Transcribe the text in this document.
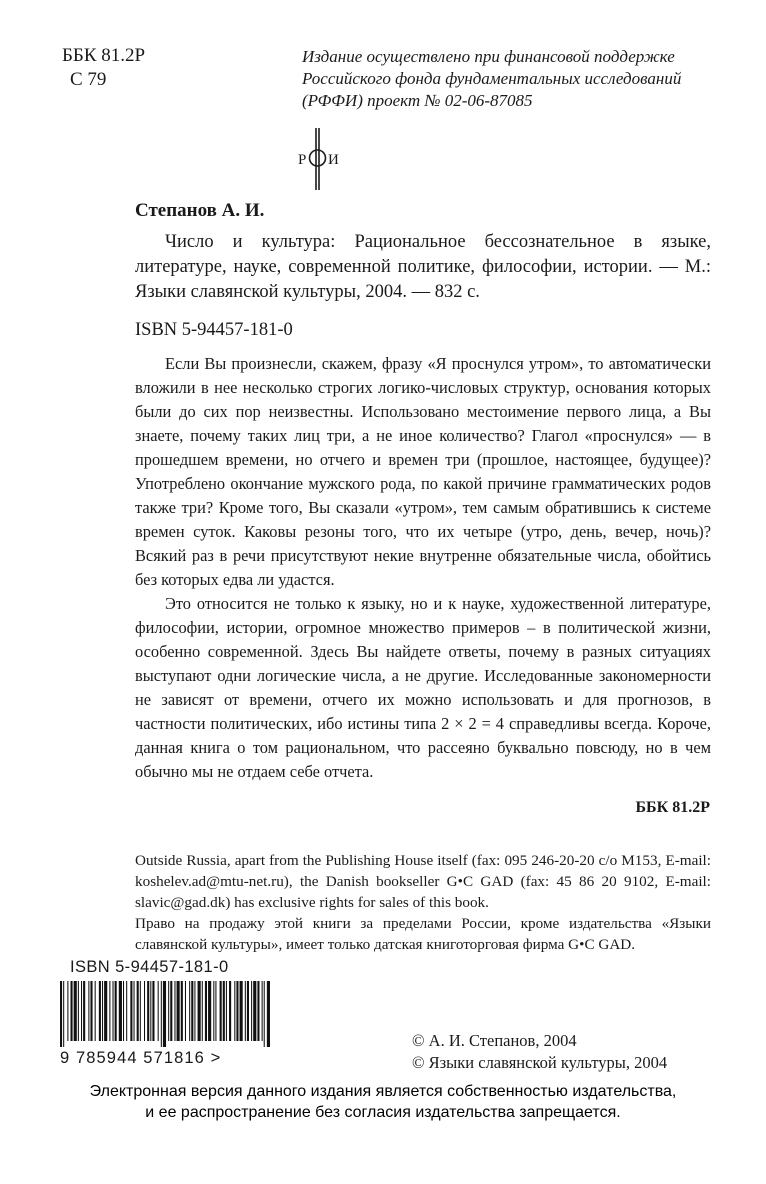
ББК 81.2Р
С 79
Издание осуществлено при финансовой поддержке
Российского фонда фундаментальных исследований
(РФФИ) проект № 02-06-87085
Р И
Степанов А. И.
Число и культура: Рациональное бессознательное в языке, литературе, науке, современной политике, философии, истории. — М.: Языки славянской культуры, 2004. — 832 с.
ISBN 5-94457-181-0

Если Вы произнесли, скажем, фразу «Я проснулся утром», то автоматически вложили в нее несколько строгих логико-числовых структур, основания которых были до сих пор неизвестны. Использовано местоимение первого лица, а Вы знаете, почему таких лиц три, а не иное количество? Глагол «проснулся» — в прошедшем времени, но отчего и времен три (прошлое, настоящее, будущее)? Употреблено окончание мужского рода, по какой причине грамматических родов также три? Кроме того, Вы сказали «утром», тем самым обратившись к системе времен суток. Каковы резоны того, что их четыре (утро, день, вечер, ночь)? Всякий раз в речи присутствуют некие внутренне обязательные числа, обойтись без которых едва ли удастся.

Это относится не только к языку, но и к науке, художественной литературе, философии, истории, огромное множество примеров – в политической жизни, особенно современной. Здесь Вы найдете ответы, почему в разных ситуациях выступают одни логические числа, а не другие. Исследованные закономерности не зависят от времени, отчего их можно использовать и для прогнозов, в частности политических, ибо истины типа 2 × 2 = 4 справедливы всегда. Короче, данная книга о том рациональном, что рассеяно буквально повсюду, но в чем обычно мы не отдаем себе отчета.

ББК 81.2Р
Outside Russia, apart from the Publishing House itself (fax: 095 246-20-20 с/о М153, E-mail: koshelev.ad@mtu-net.ru), the Danish bookseller G•C GAD (fax: 45 86 20 9102, E-mail: slavic@gad.dk) has exclusive rights for sales of this book.
Право на продажу этой книги за пределами России, кроме издательства «Языки славянской культуры», имеет только датская книготорговая фирма G•C GAD.
ISBN 5-94457-181-0
9 785944 571816 >
© А. И. Степанов, 2004
© Языки славянской культуры, 2004
Электронная версия данного издания является собственностью издательства,
и ее распространение без согласия издательства запрещается.
